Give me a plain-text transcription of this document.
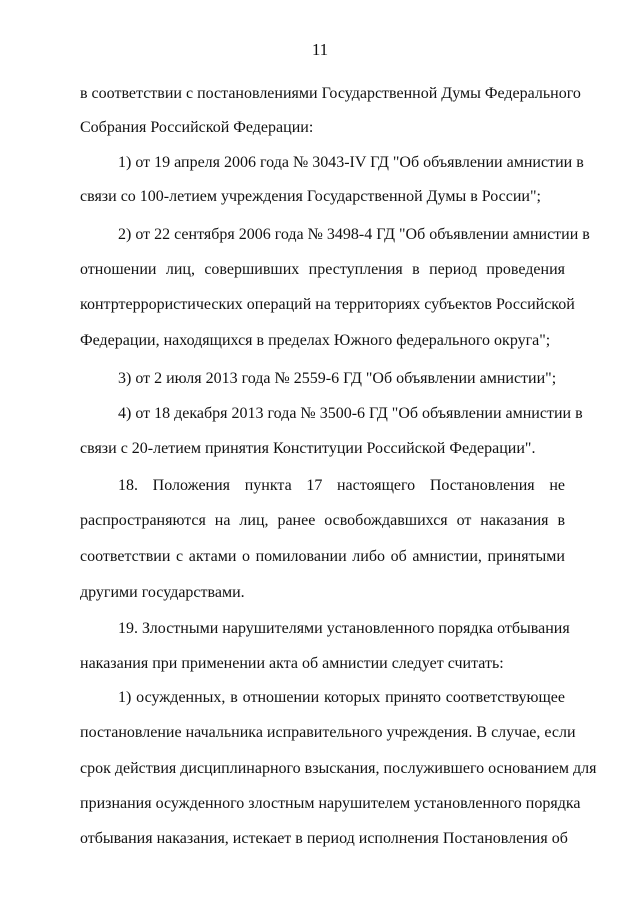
11
в соответствии с постановлениями Государственной Думы Федерального
Собрания Российской Федерации:
1) от 19 апреля 2006 года № 3043-IV ГД "Об объявлении амнистии в
связи со 100-летием учреждения Государственной Думы в России";
2) от 22 сентября 2006 года № 3498-4 ГД "Об объявлении амнистии в
отношении лиц, совершивших преступления в период проведения
контртеррористических операций на территориях субъектов Российской
Федерации, находящихся в пределах Южного федерального округа";
3) от 2 июля 2013 года № 2559-6 ГД "Об объявлении амнистии";
4) от 18 декабря 2013 года № 3500-6 ГД "Об объявлении амнистии в
связи с 20-летием принятия Конституции Российской Федерации".
18. Положения пункта 17 настоящего Постановления не
распространяются на лиц, ранее освобождавшихся от наказания в
соответствии с актами о помиловании либо об амнистии, принятыми
другими государствами.
19. Злостными нарушителями установленного порядка отбывания
наказания при применении акта об амнистии следует считать:
1) осужденных, в отношении которых принято соответствующее
постановление начальника исправительного учреждения. В случае, если
срок действия дисциплинарного взыскания, послужившего основанием для
признания осужденного злостным нарушителем установленного порядка
отбывания наказания, истекает в период исполнения Постановления об
